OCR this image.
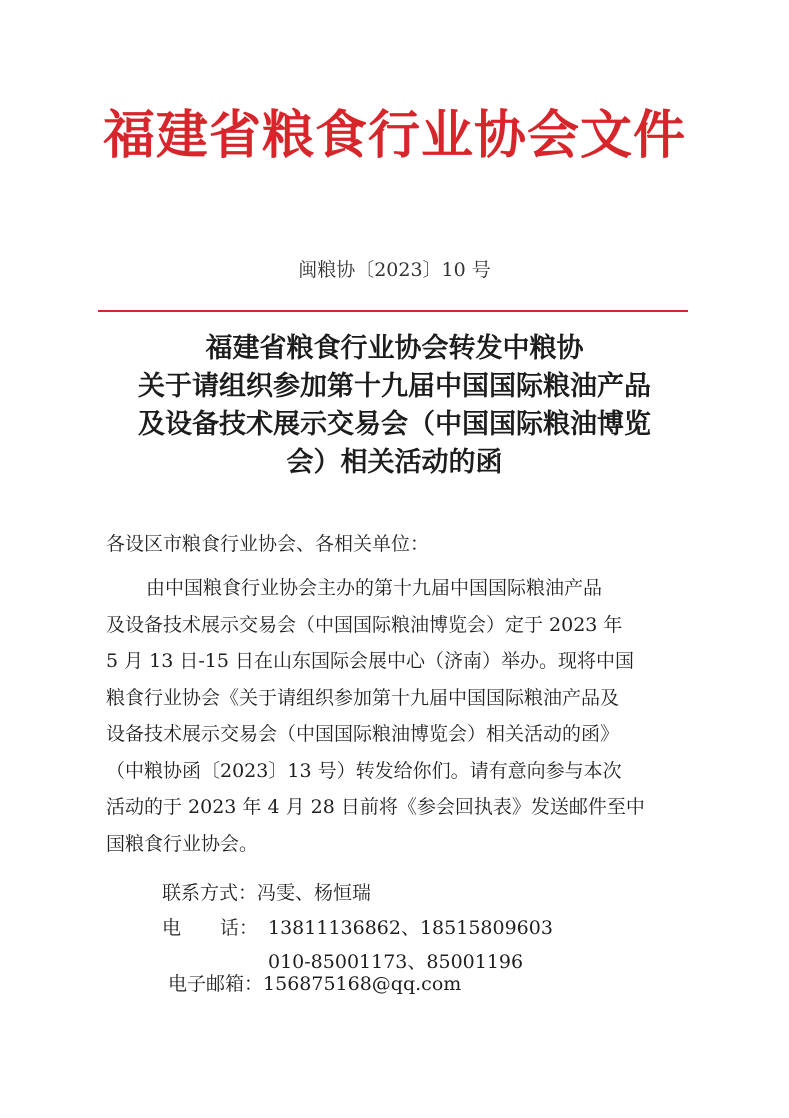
福建省粮食行业协会文件
闽粮协〔2023〕10 号
福建省粮食行业协会转发中粮协
关于请组织参加第十九届中国国际粮油产品
及设备技术展示交易会（中国国际粮油博览
会）相关活动的函
各设区市粮食行业协会、各相关单位：
由中国粮食行业协会主办的第十九届中国国际粮油产品
及设备技术展示交易会（中国国际粮油博览会）定于 2023 年
5 月 13 日-15 日在山东国际会展中心（济南）举办。现将中国
粮食行业协会《关于请组织参加第十九届中国国际粮油产品及
设备技术展示交易会（中国国际粮油博览会）相关活动的函》
（中粮协函〔2023〕13 号）转发给你们。请有意向参与本次
活动的于 2023 年 4 月 28 日前将《参会回执表》发送邮件至中
国粮食行业协会。
联系方式： 冯雯、杨恒瑞
电 话： 13811136862、18515809603
010-85001173、85001196
电子邮箱：156875168@qq.com
